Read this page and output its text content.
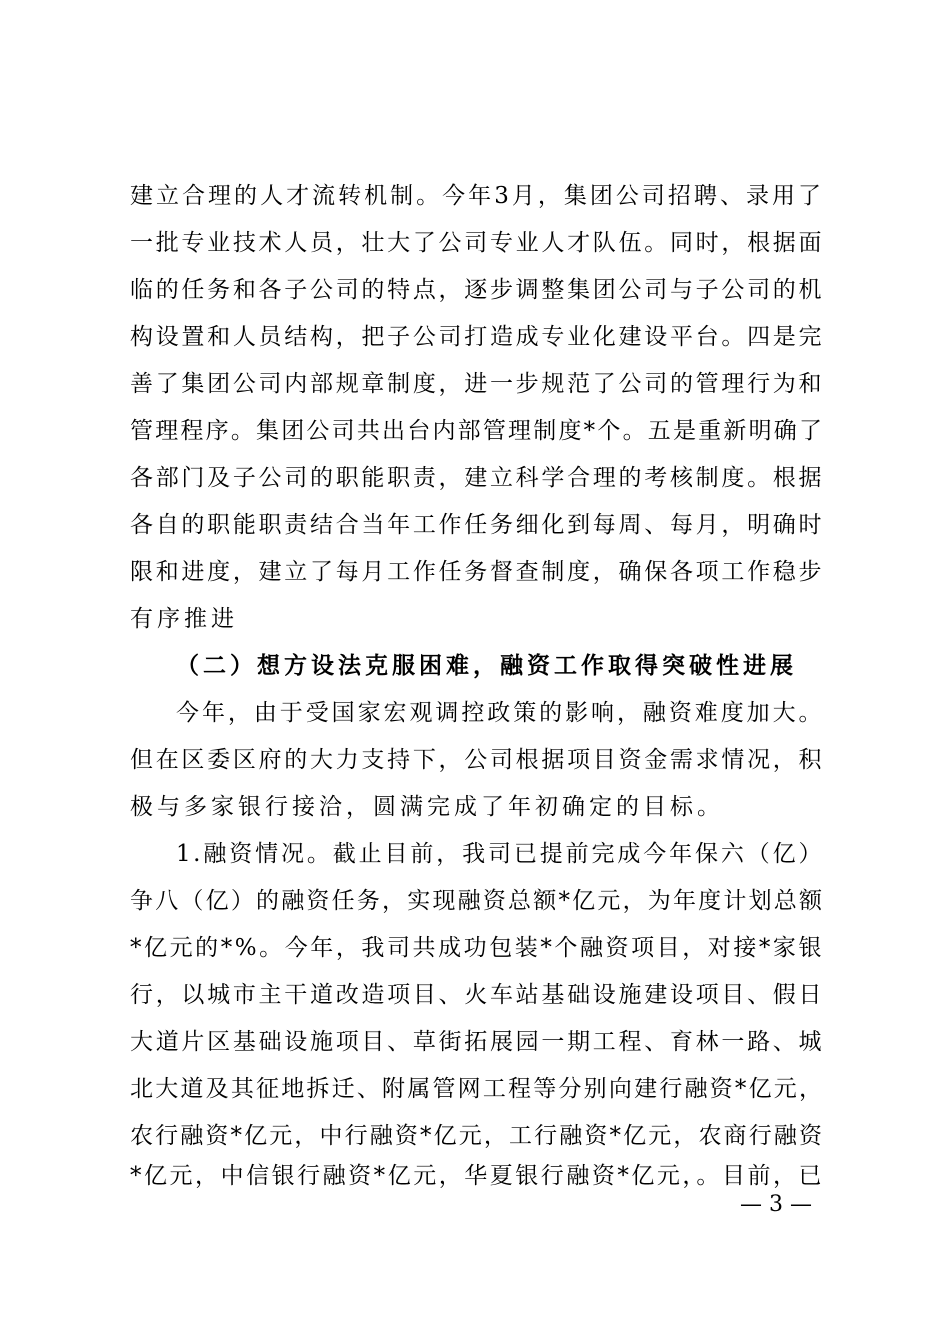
建立合理的人才流转机制。今年3月，集团公司招聘、录用了
一批专业技术人员，壮大了公司专业人才队伍。同时，根据面
临的任务和各子公司的特点，逐步调整集团公司与子公司的机
构设置和人员结构，把子公司打造成专业化建设平台。四是完
善了集团公司内部规章制度，进一步规范了公司的管理行为和
管理程序。集团公司共出台内部管理制度*个。五是重新明确了
各部门及子公司的职能职责，建立科学合理的考核制度。根据
各自的职能职责结合当年工作任务细化到每周、每月，明确时
限和进度，建立了每月工作任务督查制度，确保各项工作稳步
有序推进
（二）想方设法克服困难，融资工作取得突破性进展
今年，由于受国家宏观调控政策的影响，融资难度加大。
但在区委区府的大力支持下，公司根据项目资金需求情况，积
极与多家银行接洽，圆满完成了年初确定的目标。
1.融资情况。截止目前，我司已提前完成今年保六（亿）
争八（亿）的融资任务，实现融资总额*亿元，为年度计划总额
*亿元的*%。今年，我司共成功包装*个融资项目，对接*家银
行，以城市主干道改造项目、火车站基础设施建设项目、假日
大道片区基础设施项目、草街拓展园一期工程、育林一路、城
北大道及其征地拆迁、附属管网工程等分别向建行融资*亿元，
农行融资*亿元，中行融资*亿元，工行融资*亿元，农商行融资
*亿元，中信银行融资*亿元，华夏银行融资*亿元，。目前，已
— 3 —
